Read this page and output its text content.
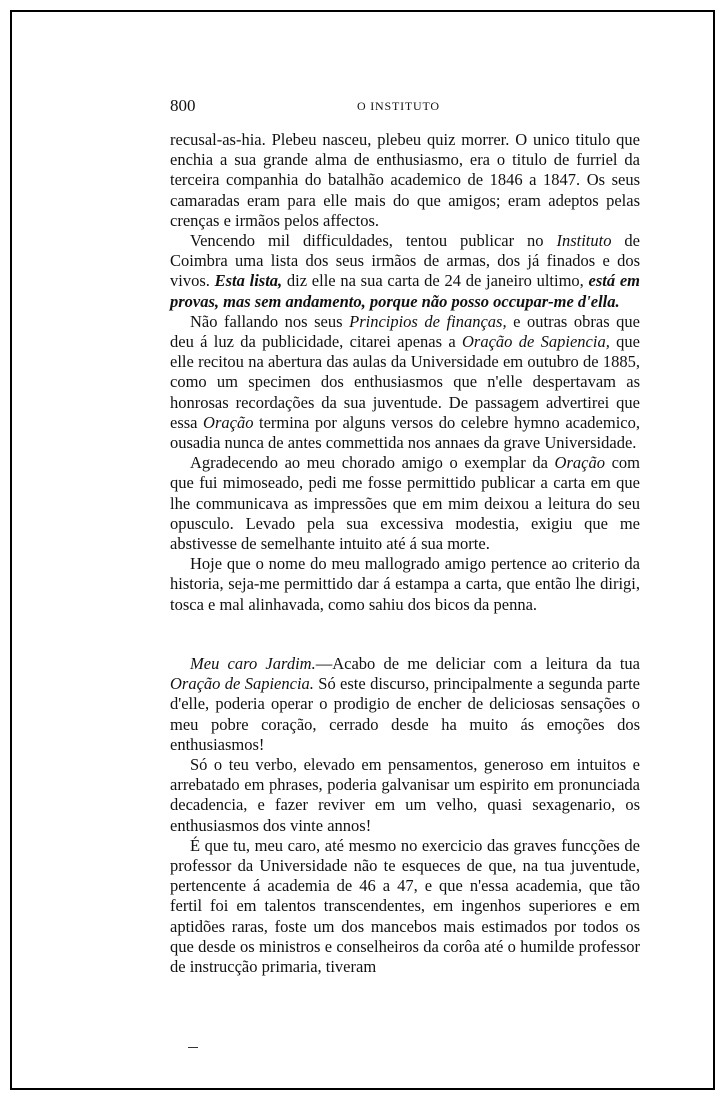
800	O INSTITUTO

recusal-as-hia. Plebeu nasceu, plebeu quiz morrer. O unico titulo que enchia a sua grande alma de enthusiasmo, era o titulo de furriel da terceira companhia do batalhão academico de 1846 a 1847. Os seus camaradas eram para elle mais do que amigos; eram adeptos pelas crenças e irmãos pelos affectos.

Vencendo mil difficuldades, tentou publicar no Instituto de Coimbra uma lista dos seus irmãos de armas, dos já finados e dos vivos. Esta lista, diz elle na sua carta de 24 de janeiro ultimo, está em provas, mas sem andamento, porque não posso occupar-me d'ella.

Não fallando nos seus Principios de finanças, e outras obras que deu á luz da publicidade, citarei apenas a Oração de Sapiencia, que elle recitou na abertura das aulas da Universidade em outubro de 1885, como um specimen dos enthusiasmos que n'elle despertavam as honrosas recordações da sua juventude. De passagem advertirei que essa Oração termina por alguns versos do celebre hymno academico, ousadia nunca de antes commettida nos annaes da grave Universidade.

Agradecendo ao meu chorado amigo o exemplar da Oração com que fui mimoseado, pedi me fosse permittido publicar a carta em que lhe communicava as impressões que em mim deixou a leitura do seu opusculo. Levado pela sua excessiva modestia, exigiu que me abstivesse de semelhante intuito até á sua morte.

Hoje que o nome do meu mallogrado amigo pertence ao criterio da historia, seja-me permittido dar á estampa a carta, que então lhe dirigi, tosca e mal alinhavada, como sahiu dos bicos da penna.

Meu caro Jardim.—Acabo de me deliciar com a leitura da tua Oração de Sapiencia. Só este discurso, principalmente a segunda parte d'elle, poderia operar o prodigio de encher de deliciosas sensações o meu pobre coração, cerrado desde ha muito ás emoções dos enthusiasmos!

Só o teu verbo, elevado em pensamentos, generoso em intuitos e arrebatado em phrases, poderia galvanisar um espirito em pronunciada decadencia, e fazer reviver em um velho, quasi sexagenario, os enthusiasmos dos vinte annos!

É que tu, meu caro, até mesmo no exercicio das graves funcções de professor da Universidade não te esqueces de que, na tua juventude, pertencente á academia de 46 a 47, e que n'essa academia, que tão fertil foi em talentos transcendentes, em ingenhos superiores e em aptidões raras, foste um dos mancebos mais estimados por todos os que desde os ministros e conselheiros da corôa até o humilde professor de instrucção primaria, tiveram
